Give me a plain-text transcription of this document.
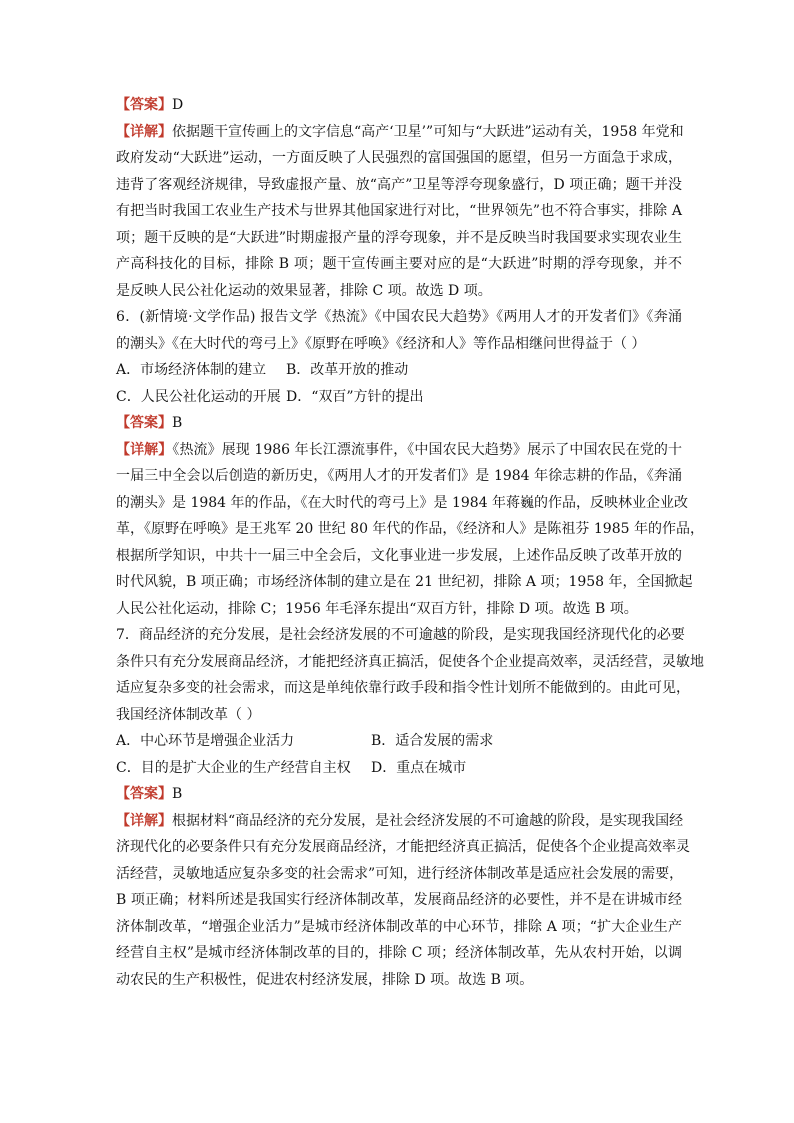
【答案】D
【详解】依据题干宣传画上的文字信息“高产‘卫星’”可知与“大跃进”运动有关，1958 年党和
政府发动“大跃进”运动，一方面反映了人民强烈的富国强国的愿望，但另一方面急于求成，
违背了客观经济规律，导致虚报产量、放“高产”卫星等浮夸现象盛行，D 项正确；题干并没
有把当时我国工农业生产技术与世界其他国家进行对比，“世界领先”也不符合事实，排除 A
项；题干反映的是“大跃进”时期虚报产量的浮夸现象，并不是反映当时我国要求实现农业生
产高科技化的目标，排除 B 项；题干宣传画主要对应的是“大跃进”时期的浮夸现象，并不
是反映人民公社化运动的效果显著，排除 C 项。故选 D 项。
6．(新情境·文学作品) 报告文学《热流》《中国农民大趋势》《两用人才的开发者们》《奔涌
的潮头》《在大时代的弯弓上》《原野在呼唤》《经济和人》等作品相继问世得益于（ ）
A．市场经济体制的建立	B．改革开放的推动
C．人民公社化运动的开展 D．“双百”方针的提出
【答案】B
【详解】《热流》展现 1986 年长江漂流事件，《中国农民大趋势》展示了中国农民在党的十
一届三中全会以后创造的新历史，《两用人才的开发者们》是 1984 年徐志耕的作品，《奔涌
的潮头》是 1984 年的作品，《在大时代的弯弓上》是 1984 年蒋巍的作品，反映林业企业改
革，《原野在呼唤》是王兆军 20 世纪 80 年代的作品，《经济和人》是陈祖芬 1985 年的作品，
根据所学知识，中共十一届三中全会后，文化事业进一步发展，上述作品反映了改革开放的
时代风貌，B 项正确；市场经济体制的建立是在 21 世纪初，排除 A 项；1958 年，全国掀起
人民公社化运动，排除 C；1956 年毛泽东提出“双百方针，排除 D 项。故选 B 项。
7．商品经济的充分发展，是社会经济发展的不可逾越的阶段，是实现我国经济现代化的必要
条件只有充分发展商品经济，才能把经济真正搞活，促使各个企业提高效率，灵活经营，灵敏地
适应复杂多变的社会需求，而这是单纯依靠行政手段和指令性计划所不能做到的。由此可见，
我国经济体制改革（ ）
A．中心环节是增强企业活力	B．适合发展的需求
C．目的是扩大企业的生产经营自主权	D．重点在城市
【答案】B
【详解】根据材料“商品经济的充分发展，是社会经济发展的不可逾越的阶段，是实现我国经
济现代化的必要条件只有充分发展商品经济，才能把经济真正搞活，促使各个企业提高效率灵
活经营，灵敏地适应复杂多变的社会需求”可知，进行经济体制改革是适应社会发展的需要，
B 项正确；材料所述是我国实行经济体制改革，发展商品经济的必要性，并不是在讲城市经
济体制改革，“增强企业活力”是城市经济体制改革的中心环节，排除 A 项；“扩大企业生产
经营自主权”是城市经济体制改革的目的，排除 C 项；经济体制改革，先从农村开始，以调
动农民的生产积极性，促进农村经济发展，排除 D 项。故选 B 项。
